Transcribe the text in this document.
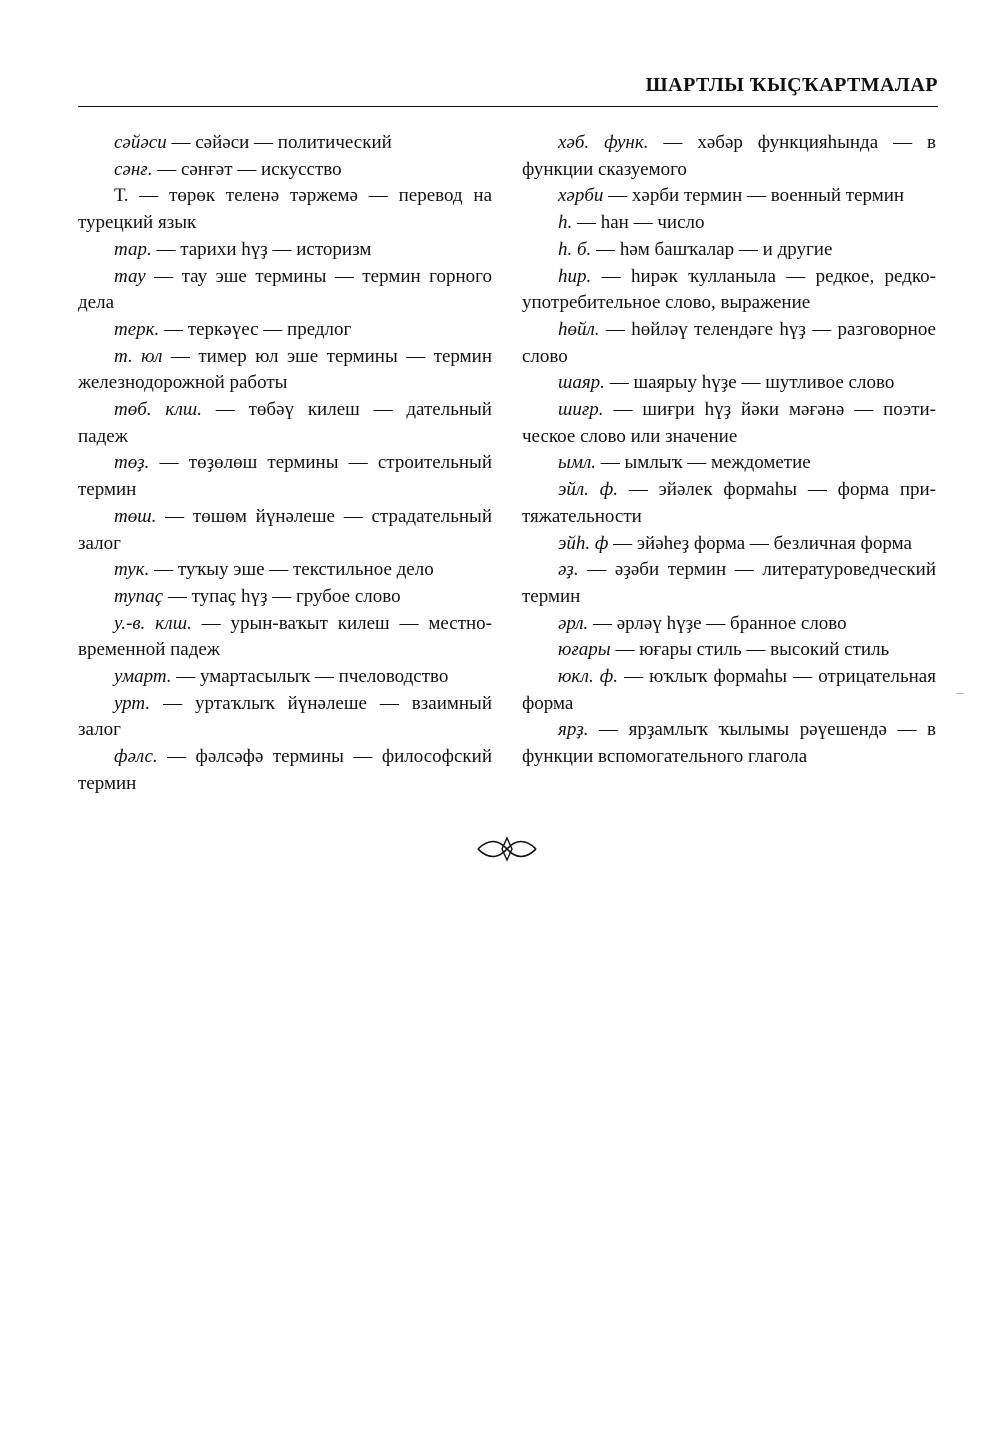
ШАРТЛЫ ҠЫҪҠАРТМАЛАР
сәйәси — сәйәси — политический
сәнғ. — сәнғәт — искусство
Т. — төрөк теленә тәржемә — перевод на турецкий язык
тар. — тарихи һүҙ — историзм
тау — тау эше термины — термин горного дела
терк. — теркәүес — предлог
т. юл — тимер юл эше термины — термин железнодорожной работы
төб. клш. — төбәү килеш — дательный падеж
төҙ. — төҙөлөш термины — строительный термин
төш. — төшөм йүнәлеше — страдательный залог
тук. — туҡыу эше — текстильное дело
тупаҫ — тупаҫ һүҙ — грубое слово
у.-в. клш. — урын-ваҡыт килеш — местновременной падеж
умарт. — умартасылыҡ — пчеловодство
урт. — уртаҡлыҡ йүнәлеше — взаимный залог
фәлс. — фәлсәфә термины — философский термин
хәб. функ. — хәбәр функцияһында — в функции сказуемого
хәрби — хәрби термин — военный термин
һ. — һан — число
һ. б. — һәм башҡалар — и другие
һир. — һирәк ҡулланыла — редкое, редкоупотребительное слово, выражение
һөйл. — һөйләү телендәге һүҙ — разговорное слово
шаяр. — шаярыу һүҙе — шутливое слово
шиғр. — шиғри һүҙ йәки мәғәнә — поэтическое слово или значение
ымл. — ымлыҡ — междометие
эйл. ф. — эйәлек формаһы — форма притяжательности
эйһ. ф — эйәһеҙ форма — безличная форма
әҙ. — әҙәби термин — литературоведческий термин
әрл. — әрләү һүҙе — бранное слово
юғары — юғары стиль — высокий стиль
юкл. ф. — юҡлыҡ формаһы — отрицательная форма
ярҙ. — ярҙамлыҡ ҡылымы рәүешендә — в функции вспомогательного глагола
